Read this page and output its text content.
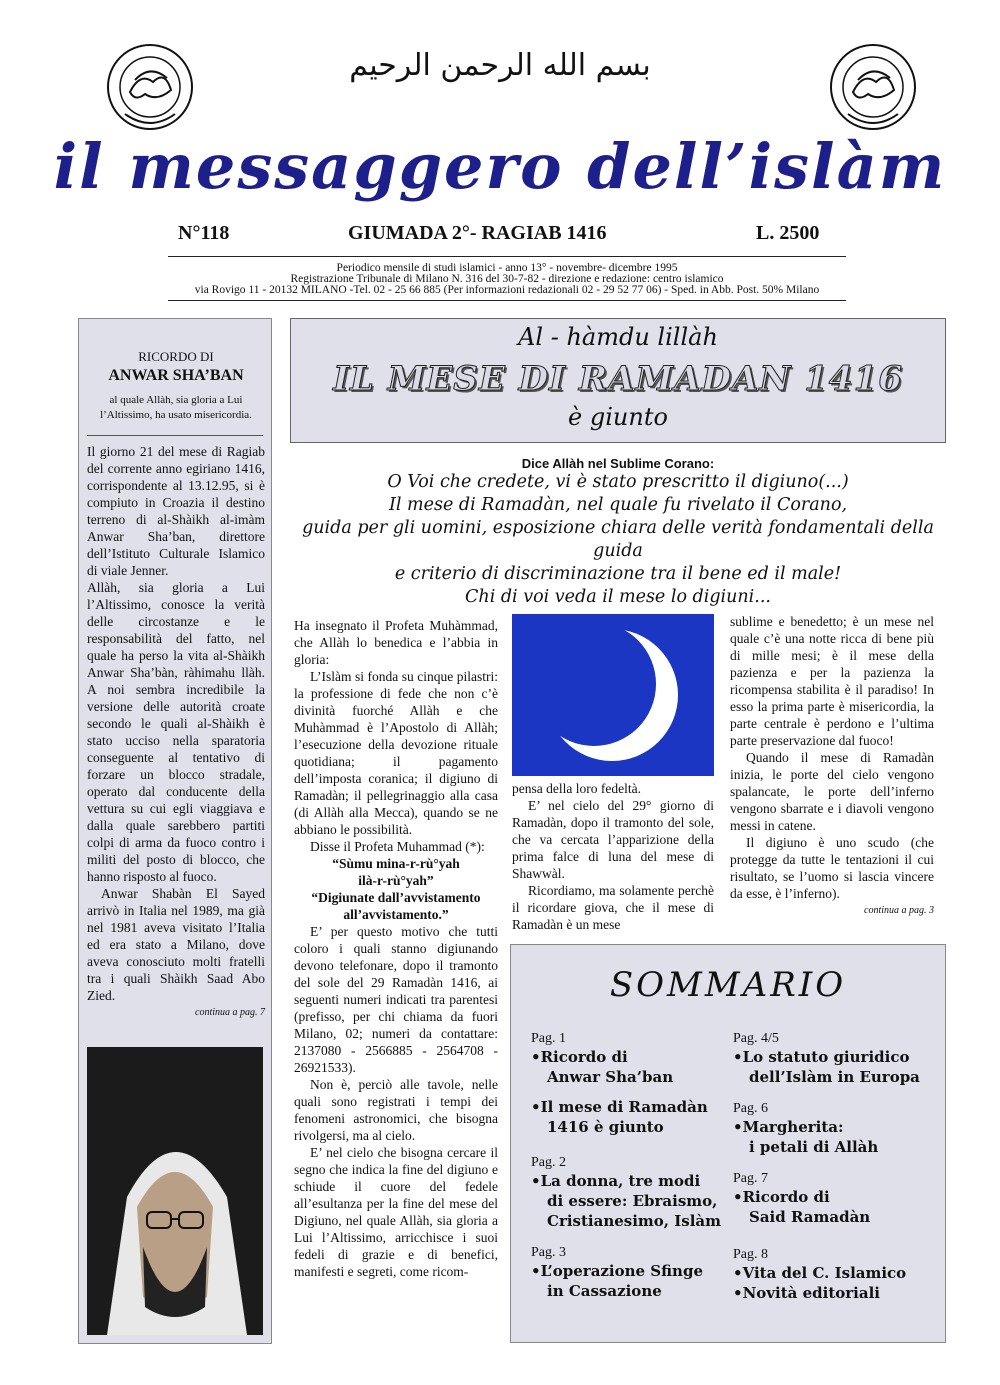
بسم الله الرحمن الرحيم
il messaggero dell’islàm
N°118	GIUMADA 2°- RAGIAB 1416	L. 2500
Periodico mensile di studi islamici - anno 13° - novembre- dicembre 1995
Registrazione Tribunale di Milano N. 316 del 30-7-82 - direzione e redazione: centro islamico
via Rovigo 11 - 20132 MILANO -Tel. 02 - 25 66 885 (Per informazioni redazionali 02 - 29 52 77 06) - Sped. in Abb. Post. 50% Milano
RICORDO DI
ANWAR SHA’BAN
al quale Allàh, sia gloria a Lui l’Altissimo, ha usato misericordia.

Il giorno 21 del mese di Ragiab del corrente anno egiriano 1416, corrispondente al 13.12.95, si è compiuto in Croazia il destino terreno di al-Shàikh al-imàm Anwar Sha’ban, direttore dell’Istituto Culturale Islamico di viale Jenner.

Allàh, sia gloria a Lui l’Altissimo, conosce la verità delle circostanze e le responsabilità del fatto, nel quale ha perso la vita al-Shàikh Anwar Sha’bàn, ràhimahu llàh. A noi sembra incredibile la versione delle autorità croate secondo le quali al-Shàikh è stato ucciso nella sparatoria conseguente al tentativo di forzare un blocco stradale, operato dal conducente della vettura su cui egli viaggiava e dalla quale sarebbero partiti colpi di arma da fuoco contro i militi del posto di blocco, che hanno risposto al fuoco.

Anwar Shabàn El Sayed arrivò in Italia nel 1989, ma già nel 1981 aveva visitato l’Italia ed era stato a Milano, dove aveva conosciuto molti fratelli tra i quali Shàikh Saad Abo Zied.

continua a pag. 7

Al - hàmdu lillàh
IL MESE DI RAMADAN 1416
è giunto
Dice Allàh nel Sublime Corano:
O Voi che credete, vi è stato prescritto il digiuno(...)
Il mese di Ramadàn, nel quale fu rivelato il Corano,
guida per gli uomini, esposizione chiara delle verità fondamentali della guida
e criterio di discriminazione tra il bene ed il male!
Chi di voi veda il mese lo digiuni...

Ha insegnato il Profeta Muhàmmad, che Allàh lo benedica e l’abbia in gloria:

L’Islàm si fonda su cinque pilastri: la professione di fede che non c’è divinità fuorché Allàh e che Muhàmmad è l’Apostolo di Allàh; l’esecuzione della devozione rituale quotidiana; il pagamento dell’imposta coranica; il digiuno di Ramadàn; il pellegrinaggio alla casa (di Allàh alla Mecca), quando se ne abbiano le possibilità.

Disse il Profeta Muhammad (*):

“Sùmu mina-r-rù°yah

ilà-r-rù°yah”

“Digiunate dall’avvistamento

all’avvistamento.”

E’ per questo motivo che tutti coloro i quali stanno digiunando devono telefonare, dopo il tramonto del sole del 29 Ramadàn 1416, ai seguenti numeri indicati tra parentesi (prefisso, per chi chiama da fuori Milano, 02; numeri da contattare: 2137080 - 2566885 - 2564708 - 26921533).

Non è, perciò alle tavole, nelle quali sono registrati i tempi dei fenomeni astronomici, che bisogna rivolgersi, ma al cielo.

E’ nel cielo che bisogna cercare il segno che indica la fine del digiuno e schiude il cuore del fedele all’esultanza per la fine del mese del Digiuno, nel quale Allàh, sia gloria a Lui l’Altissimo, arricchisce i suoi fedeli di grazie e di benefici, manifesti e segreti, come ricom-

pensa della loro fedeltà.

E’ nel cielo del 29° giorno di Ramadàn, dopo il tramonto del sole, che va cercata l’apparizione della prima falce di luna del mese di Shawwàl.

Ricordiamo, ma solamente perchè il ricordare giova, che il mese di Ramadàn è un mese

sublime e benedetto; è un mese nel quale c’è una notte ricca di bene più di mille mesi; è il mese della pazienza e per la pazienza la ricompensa stabilita è il paradiso! In esso la prima parte è misericordia, la parte centrale è perdono e l’ultima parte preservazione dal fuoco!

Quando il mese di Ramadàn inizia, le porte del cielo vengono spalancate, le porte dell’inferno vengono sbarrate e i diavoli vengono messi in catene.

Il digiuno è uno scudo (che protegge da tutte le tentazioni il cui risultato, se l’uomo si lascia vincere da esse, è l’inferno).

continua a pag. 3

SOMMARIO
Pag. 1
•Ricordo di
Anwar Sha’ban
•Il mese di Ramadàn
1416 è giunto
Pag. 2
•La donna, tre modi
di essere: Ebraismo,
Cristianesimo, Islàm
Pag. 3
•L’operazione Sfinge
in Cassazione
Pag. 4/5
•Lo statuto giuridico
dell’Islàm in Europa
Pag. 6
•Margherita:
i petali di Allàh
Pag. 7
•Ricordo di
Said Ramadàn
Pag. 8
•Vita del C. Islamico
•Novità editoriali
